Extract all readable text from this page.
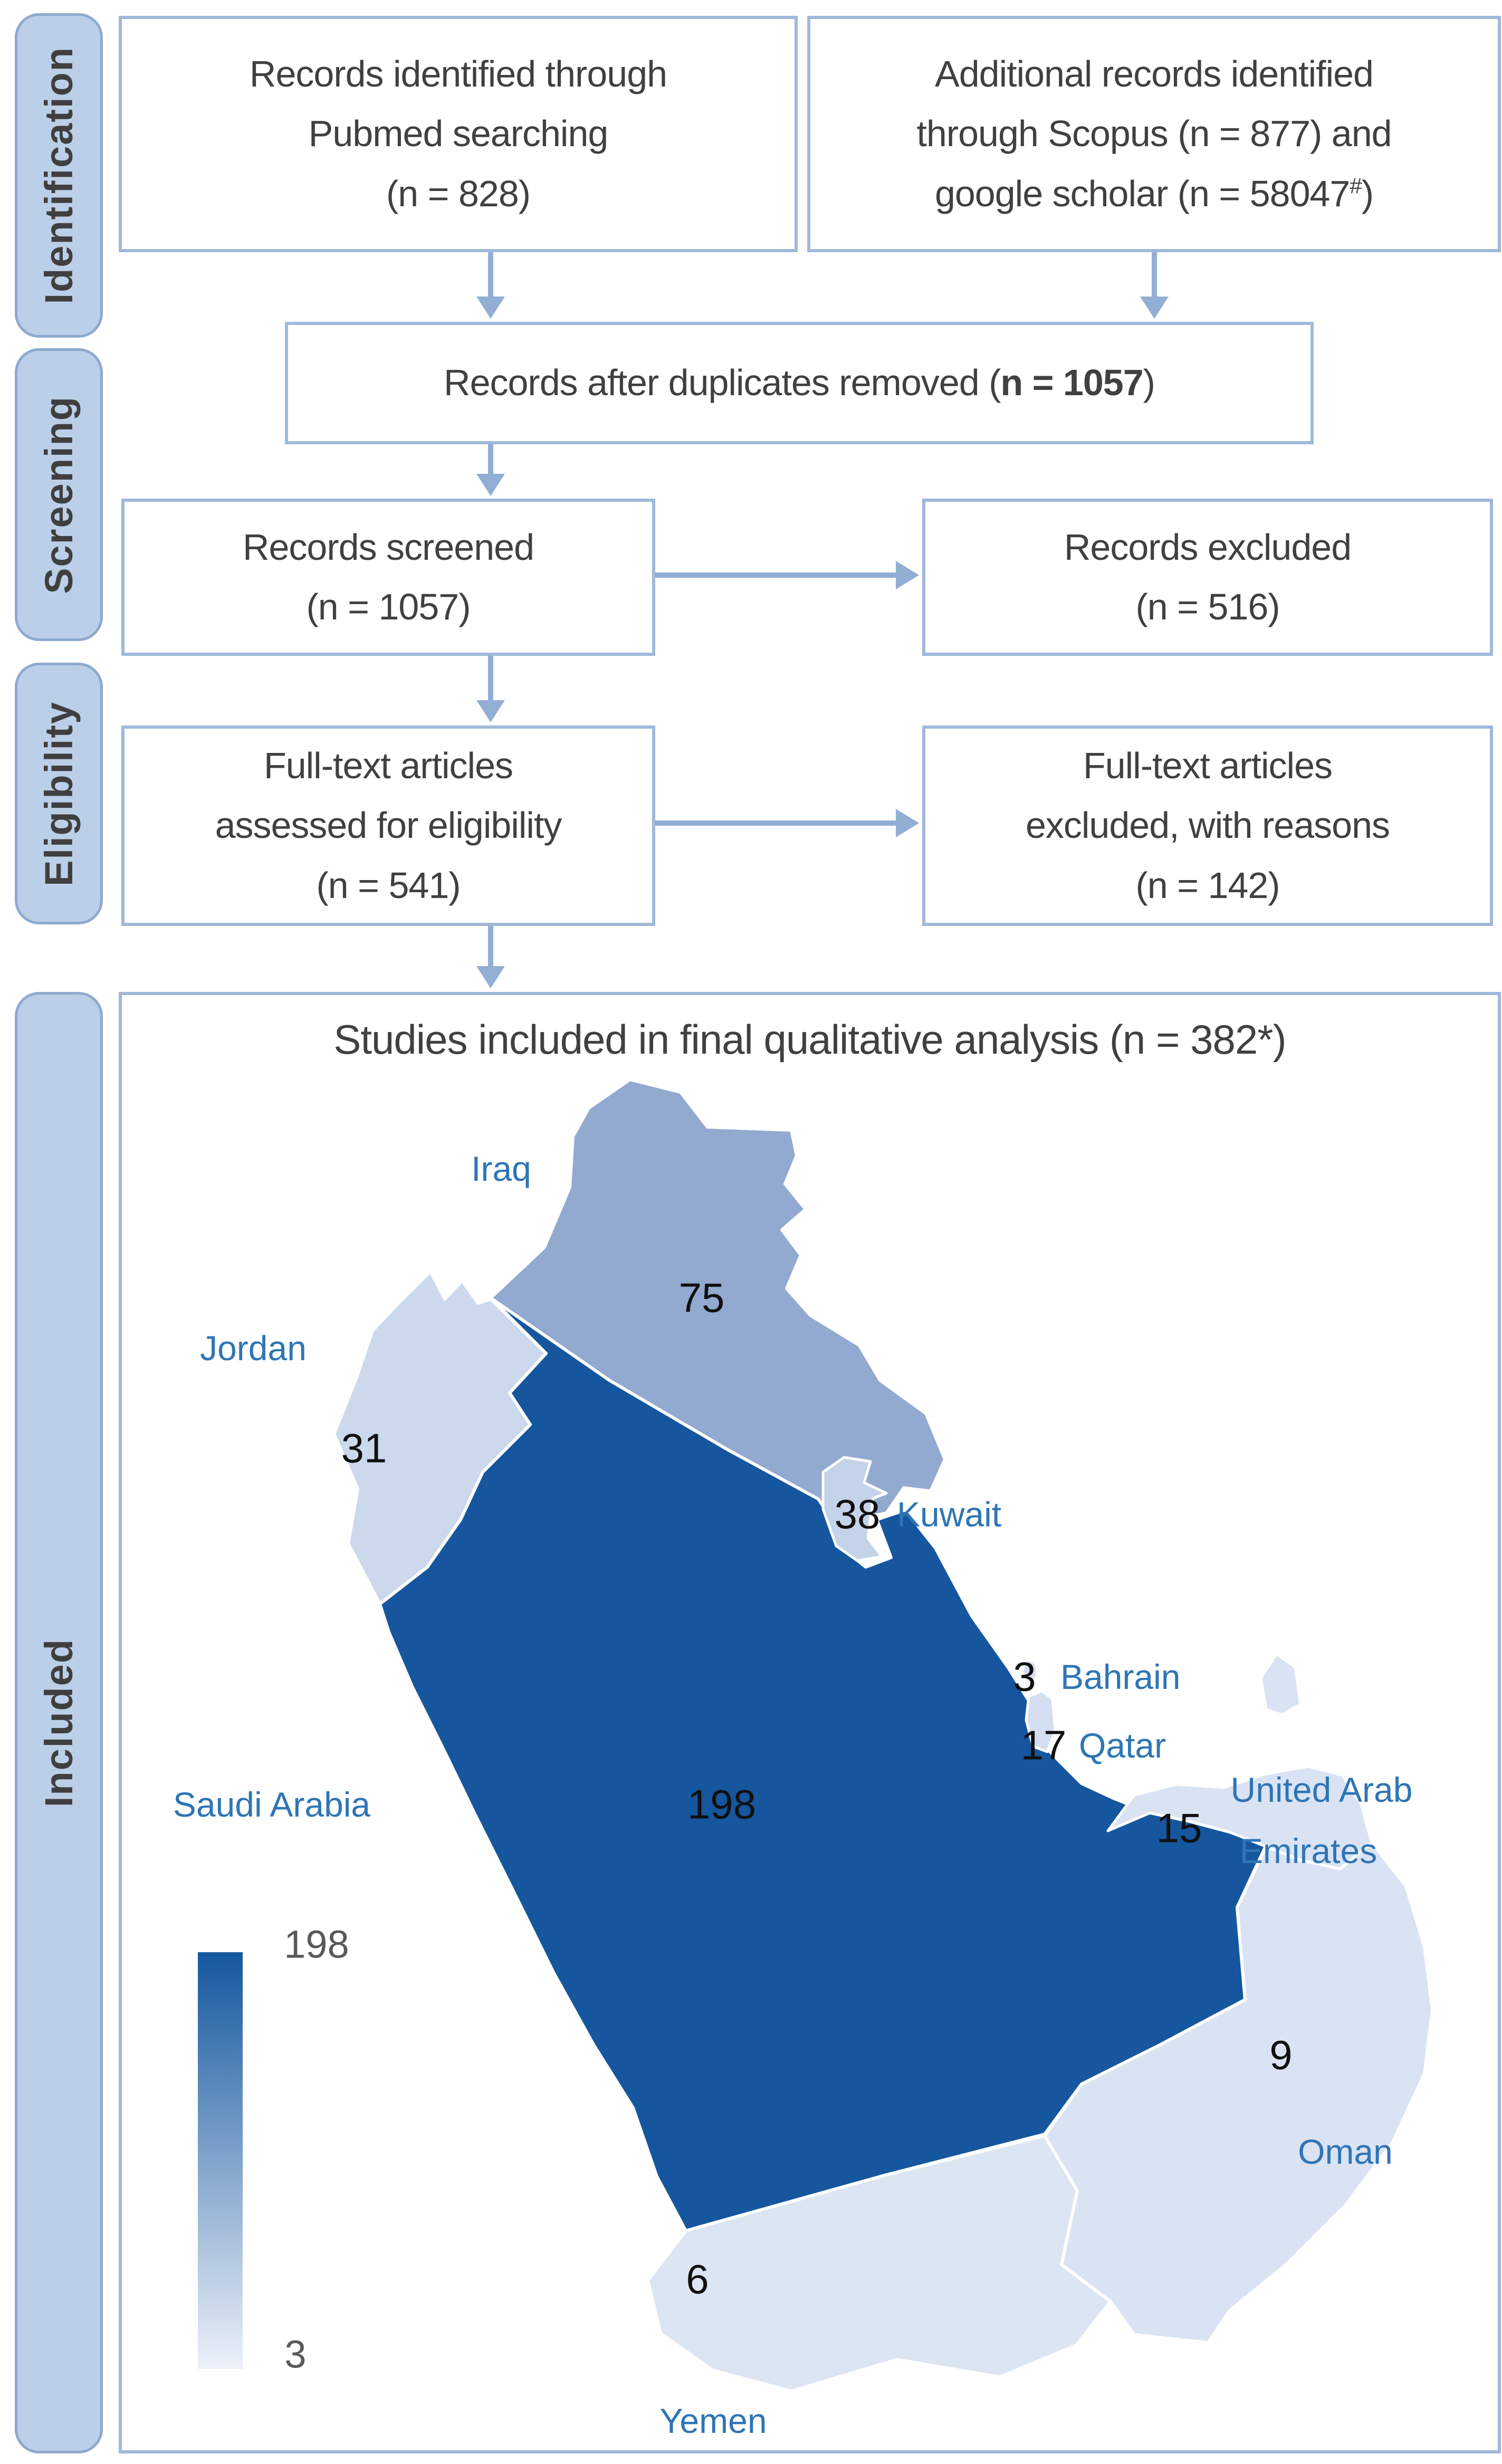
Identification
Screening
Eligibility
Included
Records identified through
Pubmed searching
(n = 828)
Additional records identified
through Scopus (n = 877) and
google scholar (n = 58047#)
Records after duplicates removed (n = 1057)
Records screened
(n = 1057)
Records excluded
(n = 516)
Full-text articles
assessed for eligibility
(n = 541)
Full-text articles
excluded, with reasons
(n = 142)
Studies included in final qualitative analysis (n = 382*)
Iraq
75
Jordan
31
38 Kuwait
3 Bahrain
17 Qatar
United Arab
15 Emirates
Saudi Arabia	198
9
Oman
6
Yemen
198
3
